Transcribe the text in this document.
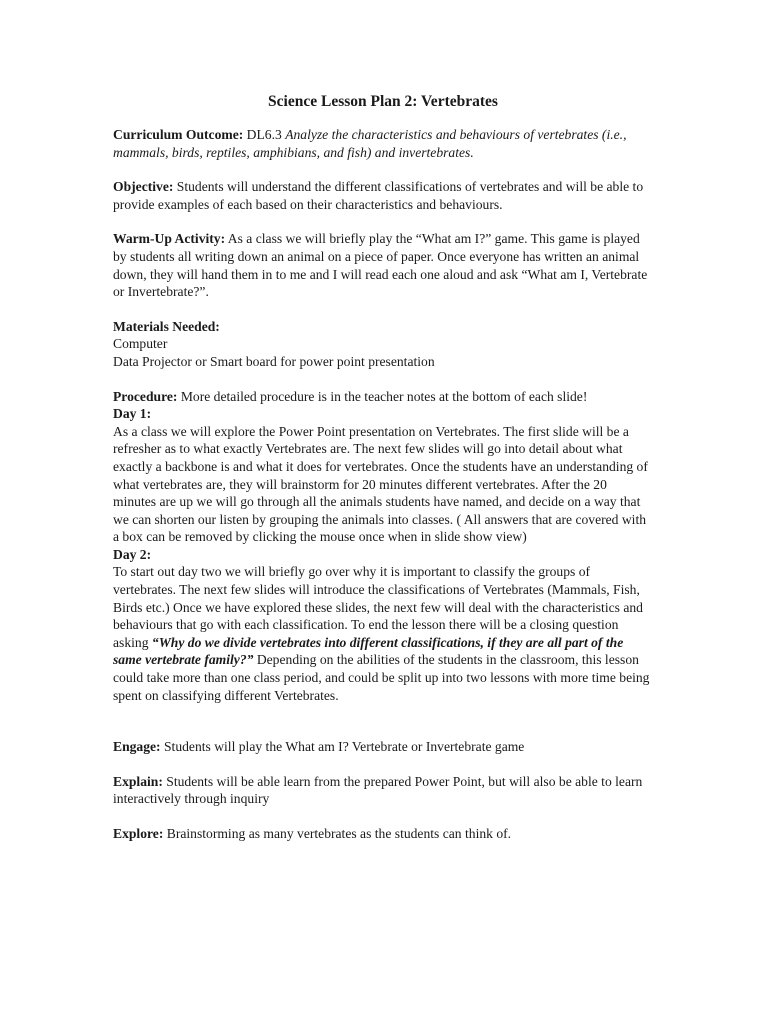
Science Lesson Plan 2: Vertebrates

Curriculum Outcome: DL6.3 Analyze the characteristics and behaviours of vertebrates (i.e., mammals, birds, reptiles, amphibians, and fish) and invertebrates.

Objective: Students will understand the different classifications of vertebrates and will be able to provide examples of each based on their characteristics and behaviours.

Warm-Up Activity: As a class we will briefly play the “What am I?” game. This game is played by students all writing down an animal on a piece of paper. Once everyone has written an animal down, they will hand them in to me and I will read each one aloud and ask “What am I, Vertebrate or Invertebrate?”.

Materials Needed:
Computer
Data Projector or Smart board for power point presentation

Procedure: More detailed procedure is in the teacher notes at the bottom of each slide!

Day 1:
As a class we will explore the Power Point presentation on Vertebrates. The first slide will be a refresher as to what exactly Vertebrates are. The next few slides will go into detail about what exactly a backbone is and what it does for vertebrates. Once the students have an understanding of what vertebrates are, they will brainstorm for 20 minutes different vertebrates. After the 20 minutes are up we will go through all the animals students have named, and decide on a way that we can shorten our listen by grouping the animals into classes. ( All answers that are covered with a box can be removed by clicking the mouse once when in slide show view)

Day 2:
To start out day two we will briefly go over why it is important to classify the groups of vertebrates. The next few slides will introduce the classifications of Vertebrates (Mammals, Fish, Birds etc.) Once we have explored these slides, the next few will deal with the characteristics and behaviours that go with each classification. To end the lesson there will be a closing question asking “Why do we divide vertebrates into different classifications, if they are all part of the same vertebrate family?” Depending on the abilities of the students in the classroom, this lesson could take more than one class period, and could be split up into two lessons with more time being spent on classifying different Vertebrates.

Engage: Students will play the What am I? Vertebrate or Invertebrate game

Explain: Students will be able learn from the prepared Power Point, but will also be able to learn interactively through inquiry

Explore: Brainstorming as many vertebrates as the students can think of.
